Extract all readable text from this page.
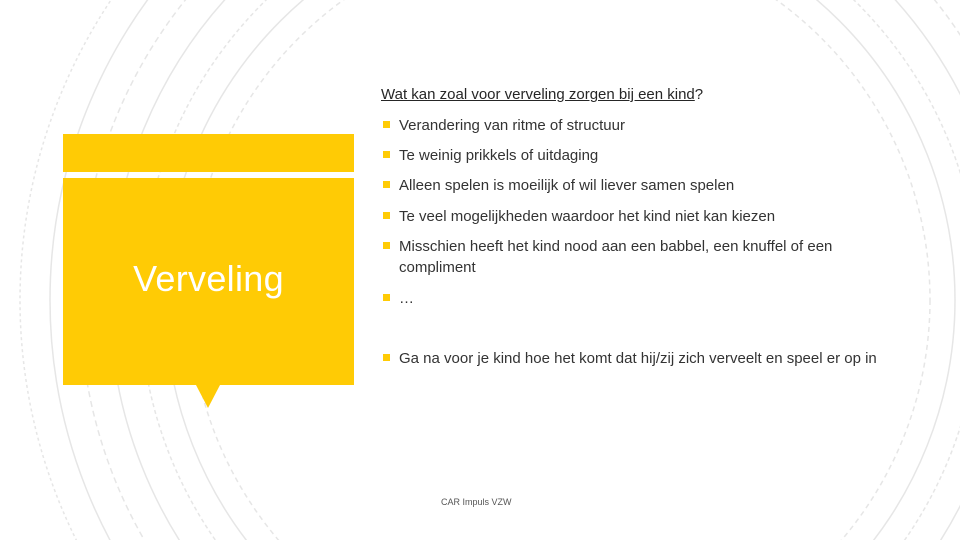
Verveling

Wat kan zoal voor verveling zorgen bij een kind?

Verandering van ritme of structuur
Te weinig prikkels of uitdaging
Alleen spelen is moeilijk of wil liever samen spelen
Te veel mogelijkheden waardoor het kind niet kan kiezen
Misschien heeft het kind nood aan een babbel, een knuffel of een compliment
…
Ga na voor je kind hoe het komt dat hij/zij zich verveelt en speel er op in
CAR Impuls VZW
